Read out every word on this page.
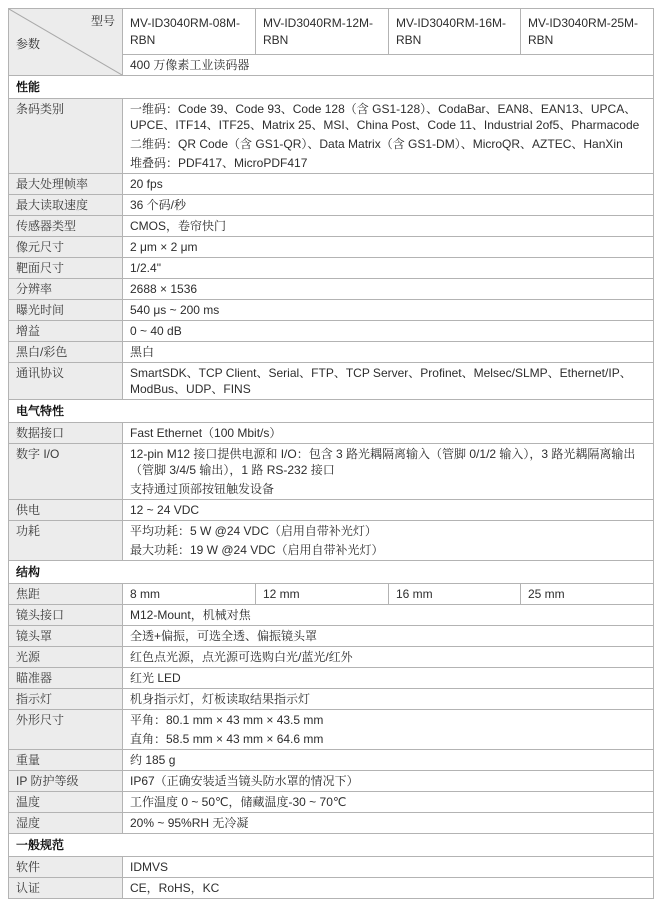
型号
参数	MV-ID3040RM-08M-RBN	MV-ID3040RM-12M-RBN	MV-ID3040RM-16M-RBN	MV-ID3040RM-25M-RBN
	400 万像素工业读码器			
性能				
条码类别	一维码：Code 39、Code 93、Code 128（含 GS1-128）、CodaBar、EAN8、EAN13、UPCA、UPCE、ITF14、ITF25、Matrix 25、MSI、China Post、Code 11、Industrial 2of5、Pharmacode
二维码：QR Code（含 GS1-QR）、Data Matrix（含 GS1-DM）、MicroQR、AZTEC、HanXin
堆叠码：PDF417、MicroPDF417			

最大处理帧率	20 fps			
最大读取速度	36 个码/秒			
传感器类型	CMOS，卷帘快门			
像元尺寸	2 μm × 2 μm			
靶面尺寸	1/2.4"			
分辨率	2688 × 1536			
曝光时间	540 μs ~ 200 ms			
增益	0 ~ 40 dB			
黑白/彩色	黑白			
通讯协议	SmartSDK、TCP Client、Serial、FTP、TCP Server、Profinet、Melsec/SLMP、Ethernet/IP、ModBus、UDP、FINS			
电气特性				
数据接口	Fast Ethernet（100 Mbit/s）			
数字 I/O	12-pin M12 接口提供电源和 I/O：包含 3 路光耦隔离输入（管脚 0/1/2 输入），3 路光耦隔离输出（管脚 3/4/5 输出），1 路 RS-232 接口
支持通过顶部按钮触发设备			

供电	12 ~ 24 VDC			
功耗	平均功耗：5 W @24 VDC（启用自带补光灯）
最大功耗：19 W @24 VDC（启用自带补光灯）			

结构				
焦距	8 mm	12 mm	16 mm	25 mm
镜头接口	M12-Mount，机械对焦			
镜头罩	全透+偏振，可选全透、偏振镜头罩			
光源	红色点光源，点光源可选购白光/蓝光/红外			
瞄准器	红光 LED			
指示灯	机身指示灯，灯板读取结果指示灯			
外形尺寸	平角：80.1 mm × 43 mm × 43.5 mm
直角：58.5 mm × 43 mm × 64.6 mm			

重量	约 185 g			
IP 防护等级	IP67（正确安装适当镜头防水罩的情况下）			
温度	工作温度 0 ~ 50℃，储藏温度-30 ~ 70℃			
湿度	20% ~ 95%RH 无冷凝			
一般规范				
软件	IDMVS			
认证	CE，RoHS，KC			
